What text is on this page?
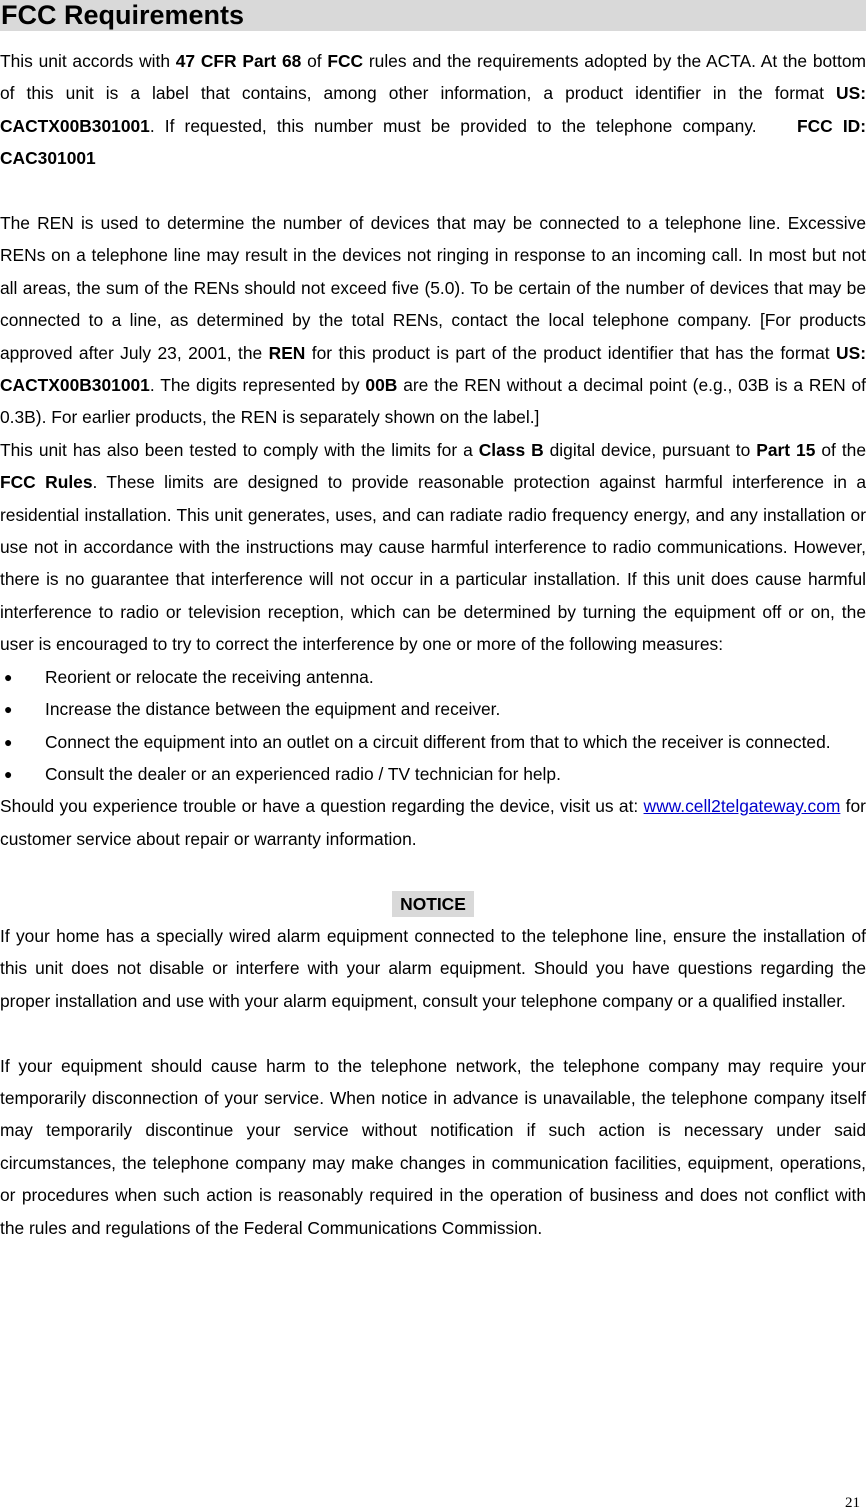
FCC Requirements

This unit accords with 47 CFR Part 68 of FCC rules and the requirements adopted by the ACTA. At the bottom of this unit is a label that contains, among other information, a product identifier in the format US: CACTX00B301001. If requested, this number must be provided to the telephone company.    FCC ID: CAC301001

The REN is used to determine the number of devices that may be connected to a telephone line. Excessive RENs on a telephone line may result in the devices not ringing in response to an incoming call. In most but not all areas, the sum of the RENs should not exceed five (5.0). To be certain of the number of devices that may be connected to a line, as determined by the total RENs, contact the local telephone company. [For products approved after July 23, 2001, the REN for this product is part of the product identifier that has the format US: CACTX00B301001. The digits represented by 00B are the REN without a decimal point (e.g., 03B is a REN of 0.3B). For earlier products, the REN is separately shown on the label.]

This unit has also been tested to comply with the limits for a Class B digital device, pursuant to Part 15 of the FCC Rules. These limits are designed to provide reasonable protection against harmful interference in a residential installation. This unit generates, uses, and can radiate radio frequency energy, and any installation or use not in accordance with the instructions may cause harmful interference to radio communications. However, there is no guarantee that interference will not occur in a particular installation. If this unit does cause harmful interference to radio or television reception, which can be determined by turning the equipment off or on, the user is encouraged to try to correct the interference by one or more of the following measures:

● Reorient or relocate the receiving antenna.
● Increase the distance between the equipment and receiver.
● Connect the equipment into an outlet on a circuit different from that to which the receiver is connected.
● Consult the dealer or an experienced radio / TV technician for help.

Should you experience trouble or have a question regarding the device, visit us at: www.cell2telgateway.com for customer service about repair or warranty information.

NOTICE

If your home has a specially wired alarm equipment connected to the telephone line, ensure the installation of this unit does not disable or interfere with your alarm equipment. Should you have questions regarding the proper installation and use with your alarm equipment, consult your telephone company or a qualified installer.

If your equipment should cause harm to the telephone network, the telephone company may require your temporarily disconnection of your service. When notice in advance is unavailable, the telephone company itself may temporarily discontinue your service without notification if such action is necessary under said circumstances, the telephone company may make changes in communication facilities, equipment, operations, or procedures when such action is reasonably required in the operation of business and does not conflict with the rules and regulations of the Federal Communications Commission.

21
